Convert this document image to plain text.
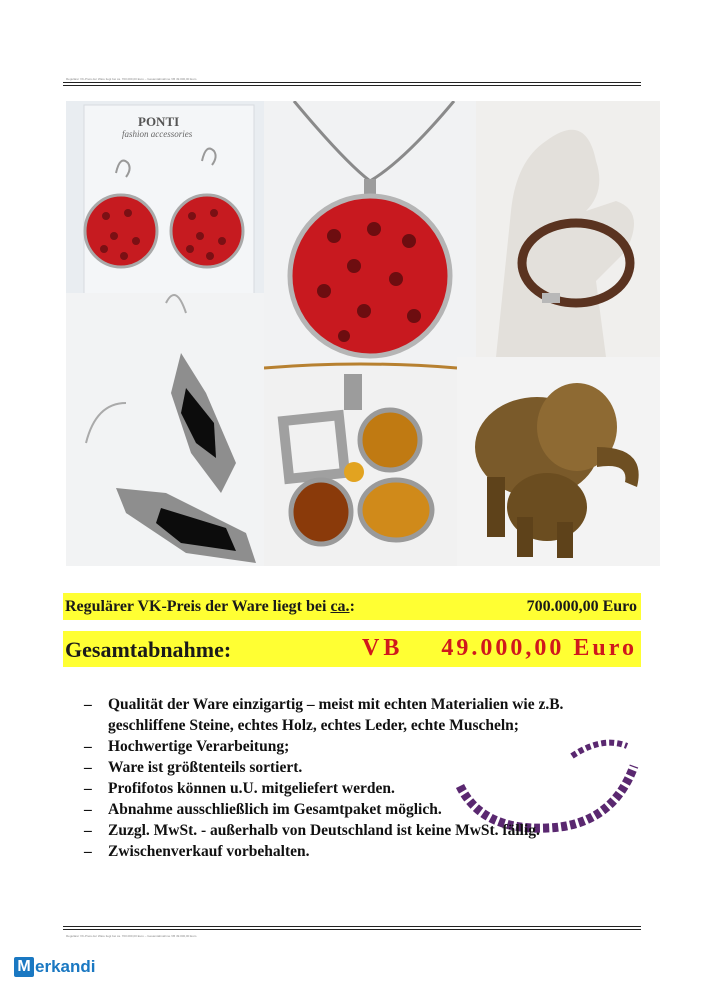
Regulärer VK-Preis der Ware liegt bei ca. 700.000,00 Euro – Gesamtabnahme VB 49.000,00 Euro
PONTI
fashion accessories
Regulärer VK-Preis der Ware liegt bei ca.:	700.000,00 Euro
Gesamtabnahme:	VB 49.000,00 Euro
– Qualität der Ware einzigartig – meist mit echten Materialien wie z.B. geschliffene Steine, echtes Holz, echtes Leder, echte Muscheln;
– Hochwertige Verarbeitung;
– Ware ist größtenteils sortiert.
– Profifotos können u.U. mitgeliefert werden.
– Abnahme ausschließlich im Gesamtpaket möglich.
– Zuzgl. MwSt. - außerhalb von Deutschland ist keine MwSt. fällig.
– Zwischenverkauf vorbehalten.
Regulärer VK-Preis der Ware liegt bei ca. 700.000,00 Euro – Gesamtabnahme VB 49.000,00 Euro
M erkandi
